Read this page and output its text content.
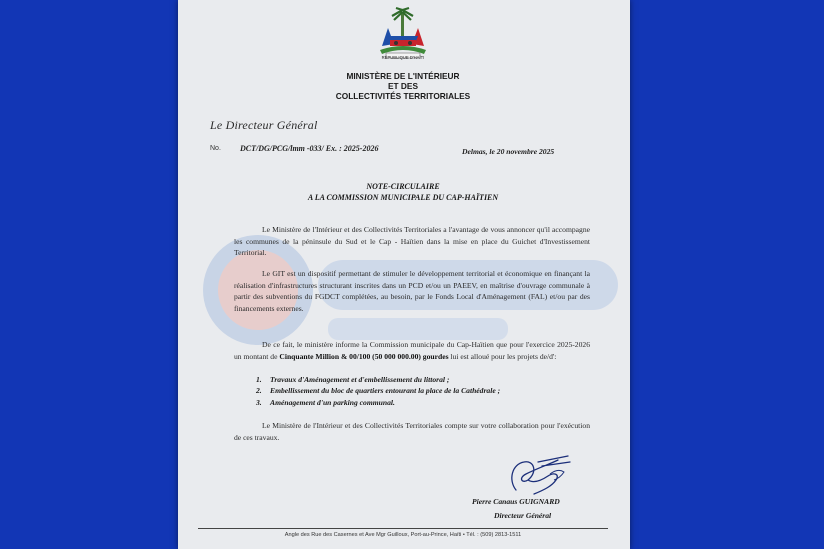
RÉPUBLIQUE D'HAÏTI
MINISTÈRE DE L'INTÉRIEUR
ET DES
COLLECTIVITÉS TERRITORIALES
Le Directeur Général
No. DCT/DG/PCG/lmm -033/ Ex. : 2025-2026	Delmas, le 20 novembre 2025
NOTE-CIRCULAIRE
A LA COMMISSION MUNICIPALE DU CAP-HAÏTIEN
Le Ministère de l'Intérieur et des Collectivités Territoriales a l'avantage de vous annoncer qu'il accompagne les communes de la péninsule du Sud et le Cap - Haïtien dans la mise en place du Guichet d'Investissement Territorial.
Le GIT est un dispositif permettant de stimuler le développement territorial et économique en finançant la réalisation d'infrastructures structurant inscrites dans un PCD et/ou un PAEEV, en maîtrise d'ouvrage communale à partir des subventions du FGDCT complétées, au besoin, par le Fonds Local d'Aménagement (FAL) et/ou par des financements externes.
De ce fait, le ministère informe la Commission municipale du Cap-Haïtien que pour l'exercice 2025-2026 un montant de Cinquante Million & 00/100 (50 000 000.00) gourdes lui est alloué pour les projets de/d':
1. Travaux d'Aménagement et d'embellissement du littoral ;
2. Embellissement du bloc de quartiers entourant la place de la Cathédrale ;
3. Aménagement d'un parking communal.
Le Ministère de l'Intérieur et des Collectivités Territoriales compte sur votre collaboration pour l'exécution de ces travaux.
Pierre Canaus GUIGNARD
Directeur Général
Angle des Rue des Casernes et Ave Mgr Guilloux, Port-au-Prince, Haïti • Tél. : (509) 2813-1511
